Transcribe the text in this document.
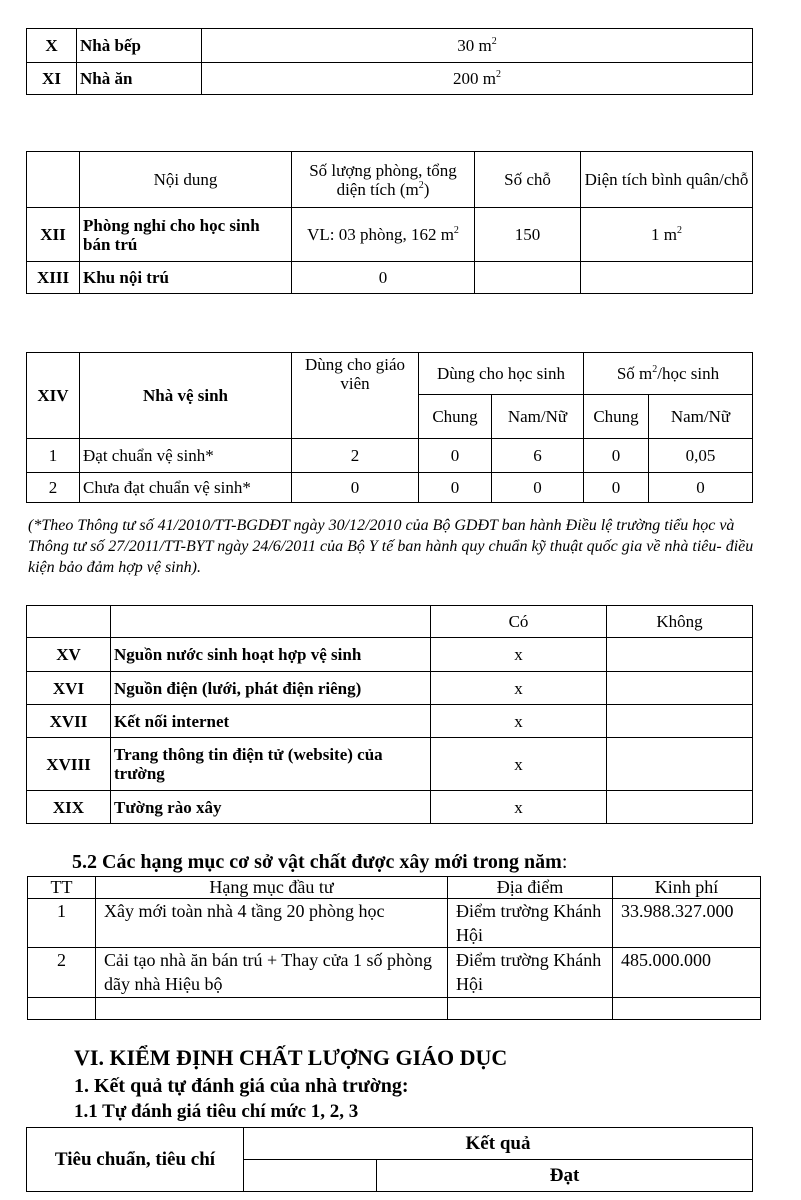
X	Nhà bếp	30 $m^2$
XI	Nhà ăn	200 $m^2$
	Nội dung	Số lượng phòng, tổng diện tích $(m^2)$	Số chỗ	Diện tích bình quân/chỗ
XII	Phòng nghỉ cho học sinh bán trú	VL: 03 phòng, 162 $m^2$	150	1 $m^2$
XIII	Khu nội trú	0		
XIV	Nhà vệ sinh	Dùng cho giáo viên	Dùng cho học sinh		Số $m^2$/học sinh	
			Chung	Nam/Nữ	Chung	Nam/Nữ
1	Đạt chuẩn vệ sinh*	2	0	6	0	0,05
2	Chưa đạt chuẩn vệ sinh*	0	0	0	0	0
(*Theo Thông tư số 41/2010/TT-BGDĐT ngày 30/12/2010 của Bộ GDĐT ban hành Điều lệ trường tiểu học và Thông tư số 27/2011/TT-BYT ngày 24/6/2011 của Bộ Y tế ban hành quy chuẩn kỹ thuật quốc gia về nhà tiêu- điều kiện bảo đảm hợp vệ sinh).
		Có	Không
XV	Nguồn nước sinh hoạt hợp vệ sinh	x	
XVI	Nguồn điện (lưới, phát điện riêng)	x	
XVII	Kết nối internet	x	
XVIII	Trang thông tin điện tử (website) của trường	x	
XIX	Tường rào xây	x	
5.2 Các hạng mục cơ sở vật chất được xây mới trong năm:
TT	Hạng mục đầu tư	Địa điểm	Kinh phí
1	Xây mới toàn nhà 4 tầng 20 phòng học	Điểm trường Khánh Hội	33.988.327.000
2	Cải tạo nhà ăn bán trú + Thay cửa 1 số phòng dãy nhà Hiệu bộ	Điểm trường Khánh Hội	485.000.000

VI. KIỂM ĐỊNH CHẤT LƯỢNG GIÁO DỤC
1. Kết quả tự đánh giá của nhà trường:
1.1 Tự đánh giá tiêu chí mức 1, 2, 3
Tiêu chuẩn, tiêu chí	Kết quả	
		Đạt
